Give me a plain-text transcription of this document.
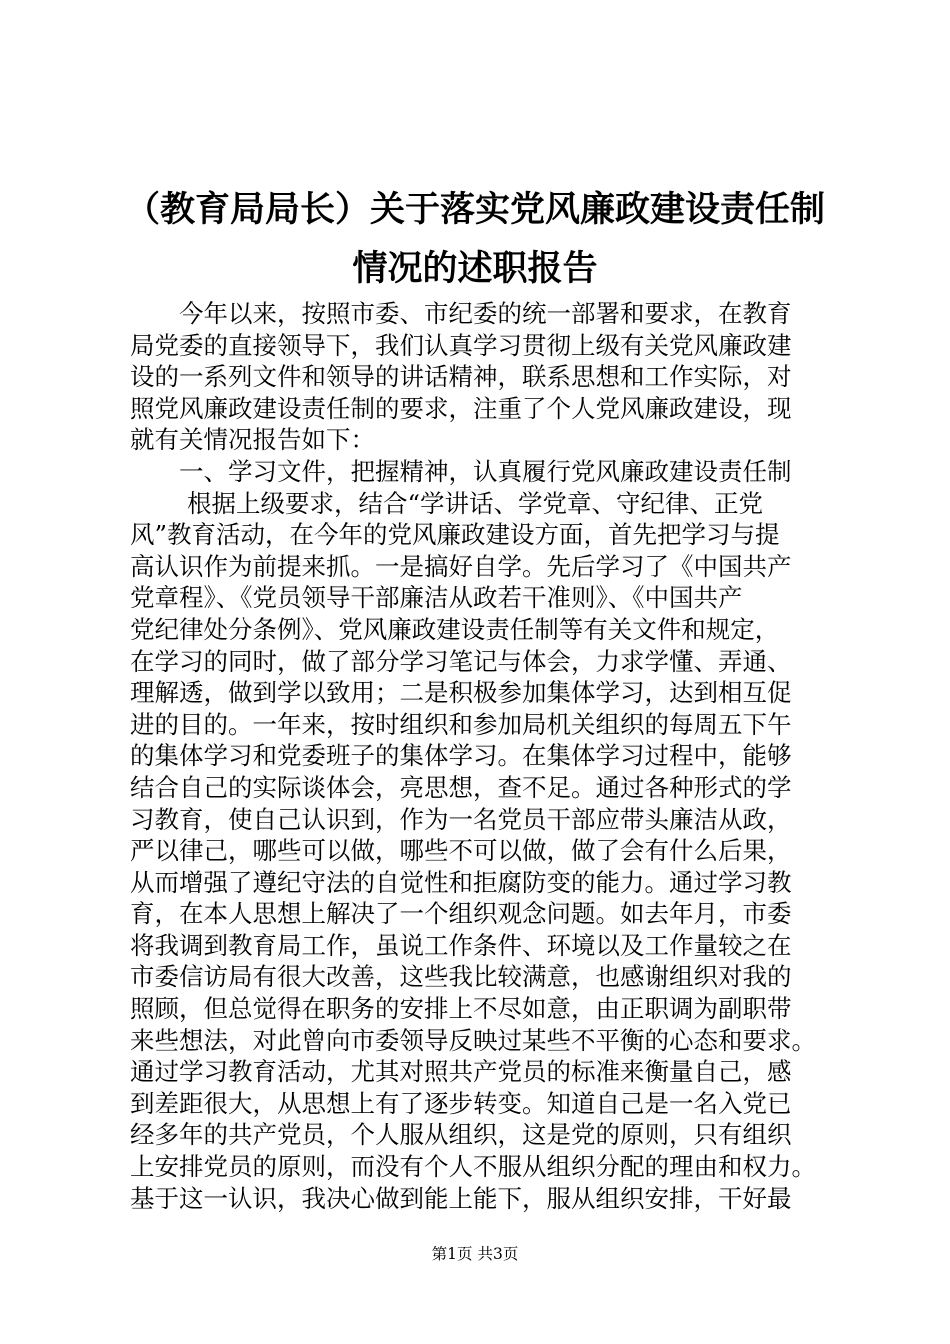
（教育局局长）关于落实党风廉政建设责任制
情况的述职报告
今年以来，按照市委、市纪委的统一部署和要求，在教育
局党委的直接领导下，我们认真学习贯彻上级有关党风廉政建
设的一系列文件和领导的讲话精神，联系思想和工作实际，对
照党风廉政建设责任制的要求，注重了个人党风廉政建设，现
就有关情况报告如下：
一、学习文件，把握精神，认真履行党风廉政建设责任制
根据上级要求，结合“学讲话、学党章、守纪律、正党
风”教育活动，在今年的党风廉政建设方面，首先把学习与提
高认识作为前提来抓。一是搞好自学。先后学习了《中国共产
党章程》、《党员领导干部廉洁从政若干准则》、《中国共产
党纪律处分条例》、党风廉政建设责任制等有关文件和规定，
在学习的同时，做了部分学习笔记与体会，力求学懂、弄通、
理解透，做到学以致用；二是积极参加集体学习，达到相互促
进的目的。一年来，按时组织和参加局机关组织的每周五下午
的集体学习和党委班子的集体学习。在集体学习过程中，能够
结合自己的实际谈体会，亮思想，查不足。通过各种形式的学
习教育，使自己认识到，作为一名党员干部应带头廉洁从政，
严以律己，哪些可以做，哪些不可以做，做了会有什么后果，
从而增强了遵纪守法的自觉性和拒腐防变的能力。通过学习教
育，在本人思想上解决了一个组织观念问题。如去年月，市委
将我调到教育局工作，虽说工作条件、环境以及工作量较之在
市委信访局有很大改善，这些我比较满意，也感谢组织对我的
照顾，但总觉得在职务的安排上不尽如意，由正职调为副职带
来些想法，对此曾向市委领导反映过某些不平衡的心态和要求。
通过学习教育活动，尤其对照共产党员的标准来衡量自己，感
到差距很大，从思想上有了逐步转变。知道自己是一名入党已
经多年的共产党员，个人服从组织，这是党的原则，只有组织
上安排党员的原则，而没有个人不服从组织分配的理由和权力。
基于这一认识，我决心做到能上能下，服从组织安排，干好最
第1页 共3页
